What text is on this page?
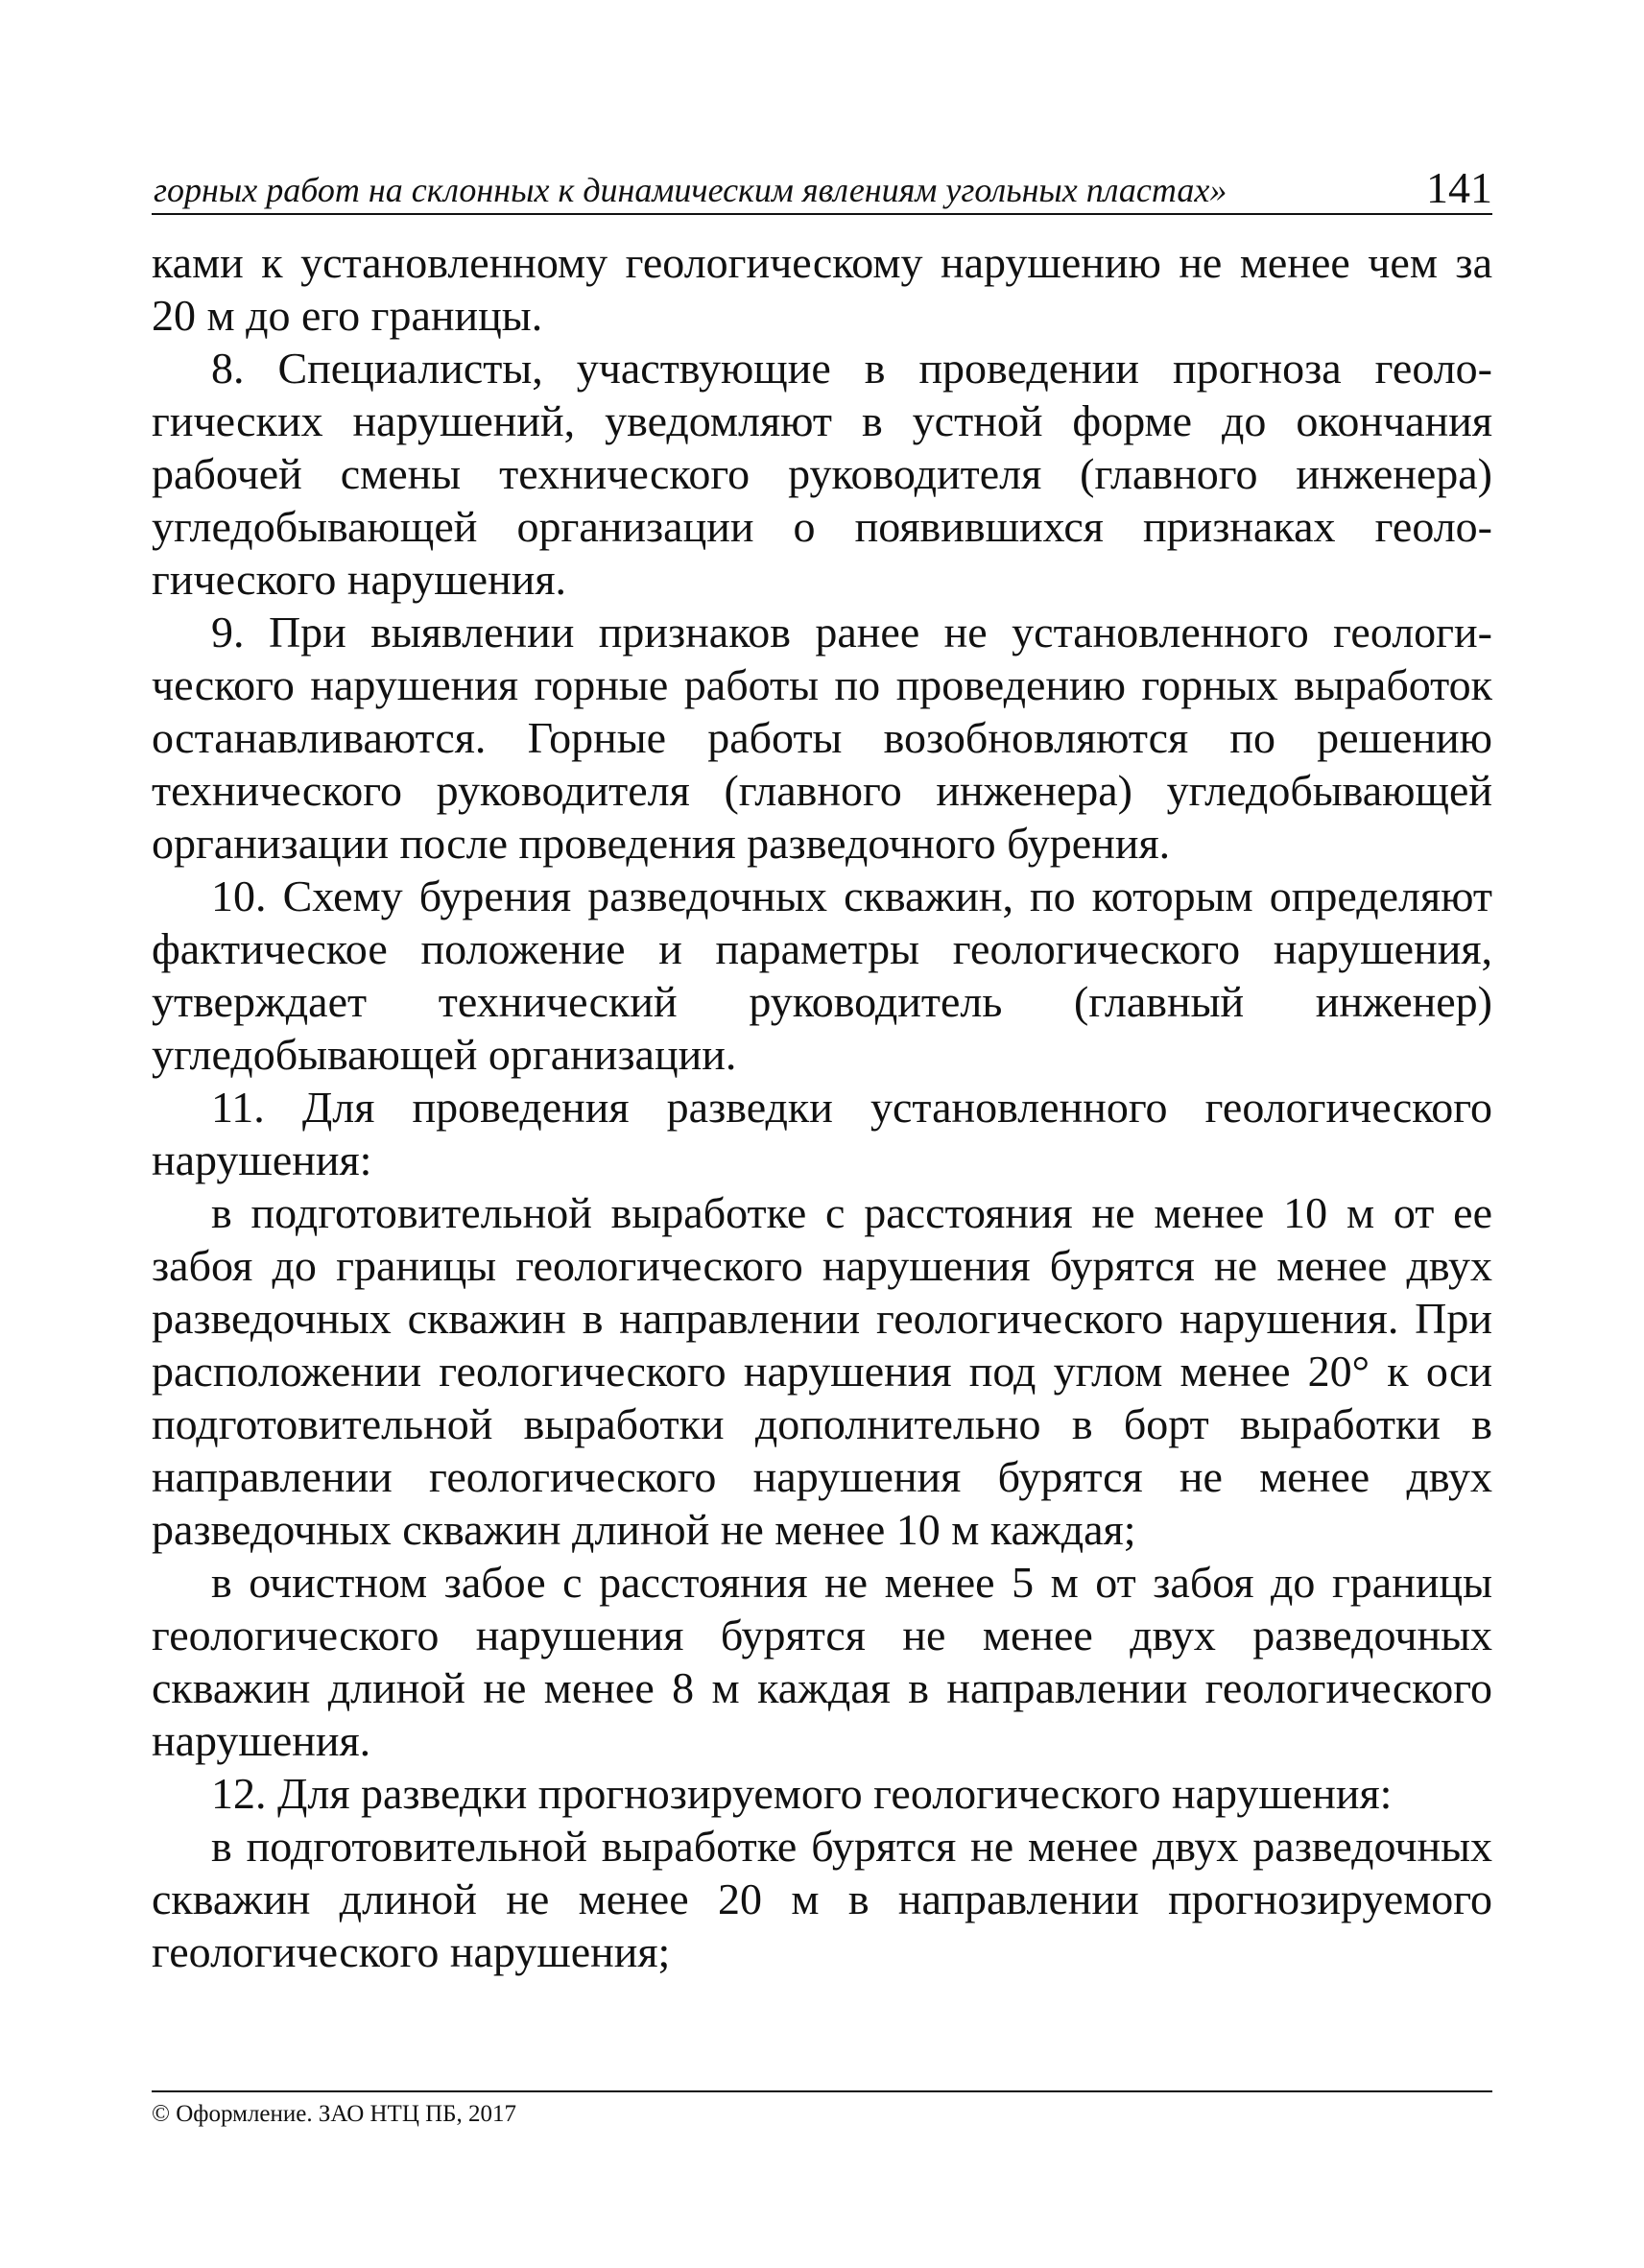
горных работ на склонных к динамическим явлениям угольных пластах»	141

ками к установленному геологическому нарушению не менее чем за 20 м до его границы.

8. Специалисты, участвующие в проведении прогноза геологических нарушений, уведомляют в устной форме до окончания рабочей смены технического руководителя (главного инженера) угледобывающей организации о появившихся признаках геологического нарушения.

9. При выявлении признаков ранее не установленного геологического нарушения горные работы по проведению горных выработок останавливаются. Горные работы возобновляются по решению технического руководителя (главного инженера) угледобывающей организации после проведения разведочного бурения.

10. Схему бурения разведочных скважин, по которым определяют фактическое положение и параметры геологического нарушения, утверждает технический руководитель (главный инженер) угледобывающей организации.

11. Для проведения разведки установленного геологического нарушения:

в подготовительной выработке с расстояния не менее 10 м от ее забоя до границы геологического нарушения бурятся не менее двух разведочных скважин в направлении геологического нарушения. При расположении геологического нарушения под углом менее 20° к оси подготовительной выработки дополнительно в борт выработки в направлении геологического нарушения бурятся не менее двух разведочных скважин длиной не менее 10 м каждая;

в очистном забое с расстояния не менее 5 м от забоя до границы геологического нарушения бурятся не менее двух разведочных скважин длиной не менее 8 м каждая в направлении геологического нарушения.

12. Для разведки прогнозируемого геологического нарушения:

в подготовительной выработке бурятся не менее двух разведочных скважин длиной не менее 20 м в направлении прогнозируемого геологического нарушения;

© Оформление. ЗАО НТЦ ПБ, 2017
